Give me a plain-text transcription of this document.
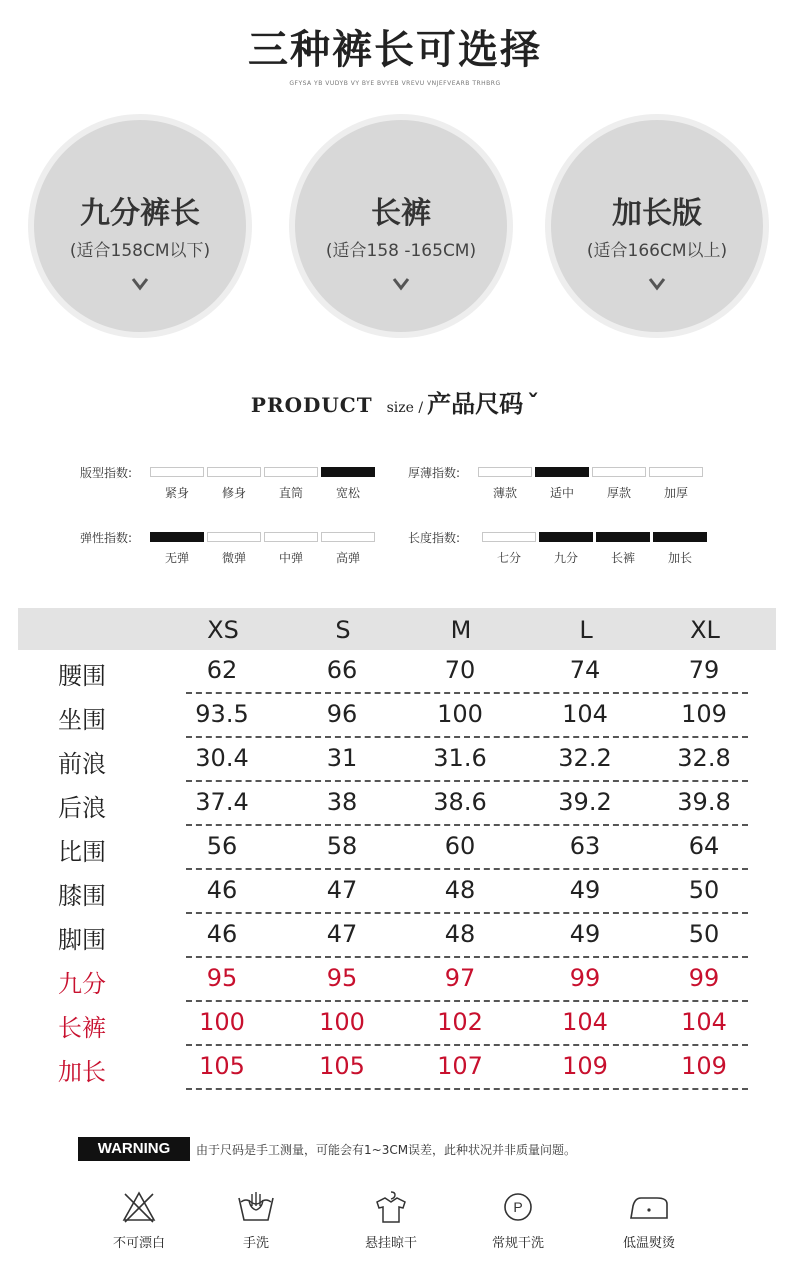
三种裤长可选择
GFYSA YB VUDYB VY BYE BVYEB VREVU VNJEFVEARB TRHBRG
九分裤长
(适合158CM以下)
长裤
(适合158 -165CM)
加长版
(适合166CM以上)
PRODUCT size / 产品尺码 ˇ
版型指数:
紧身	修身	直筒	宽松
厚薄指数:
薄款	适中	厚款	加厚
弹性指数:
无弹	微弹	中弹	高弹
长度指数:
七分	九分	长裤	加长
XS	S	M	L	XL
腰围	62	66	70	74	79
坐围	93.5	96	100	104	109
前浪	30.4	31	31.6	32.2	32.8
后浪	37.4	38	38.6	39.2	39.8
比围	56	58	60	63	64
膝围	46	47	48	49	50
脚围	46	47	48	49	50
九分	95	95	97	99	99
长裤	100	100	102	104	104
加长	105	105	107	109	109
WARNING	由于尺码是手工测量，可能会有1~3CM误差，此种状况并非质量问题。
不可漂白	手洗	悬挂晾干
P
常规干洗	低温熨烫
